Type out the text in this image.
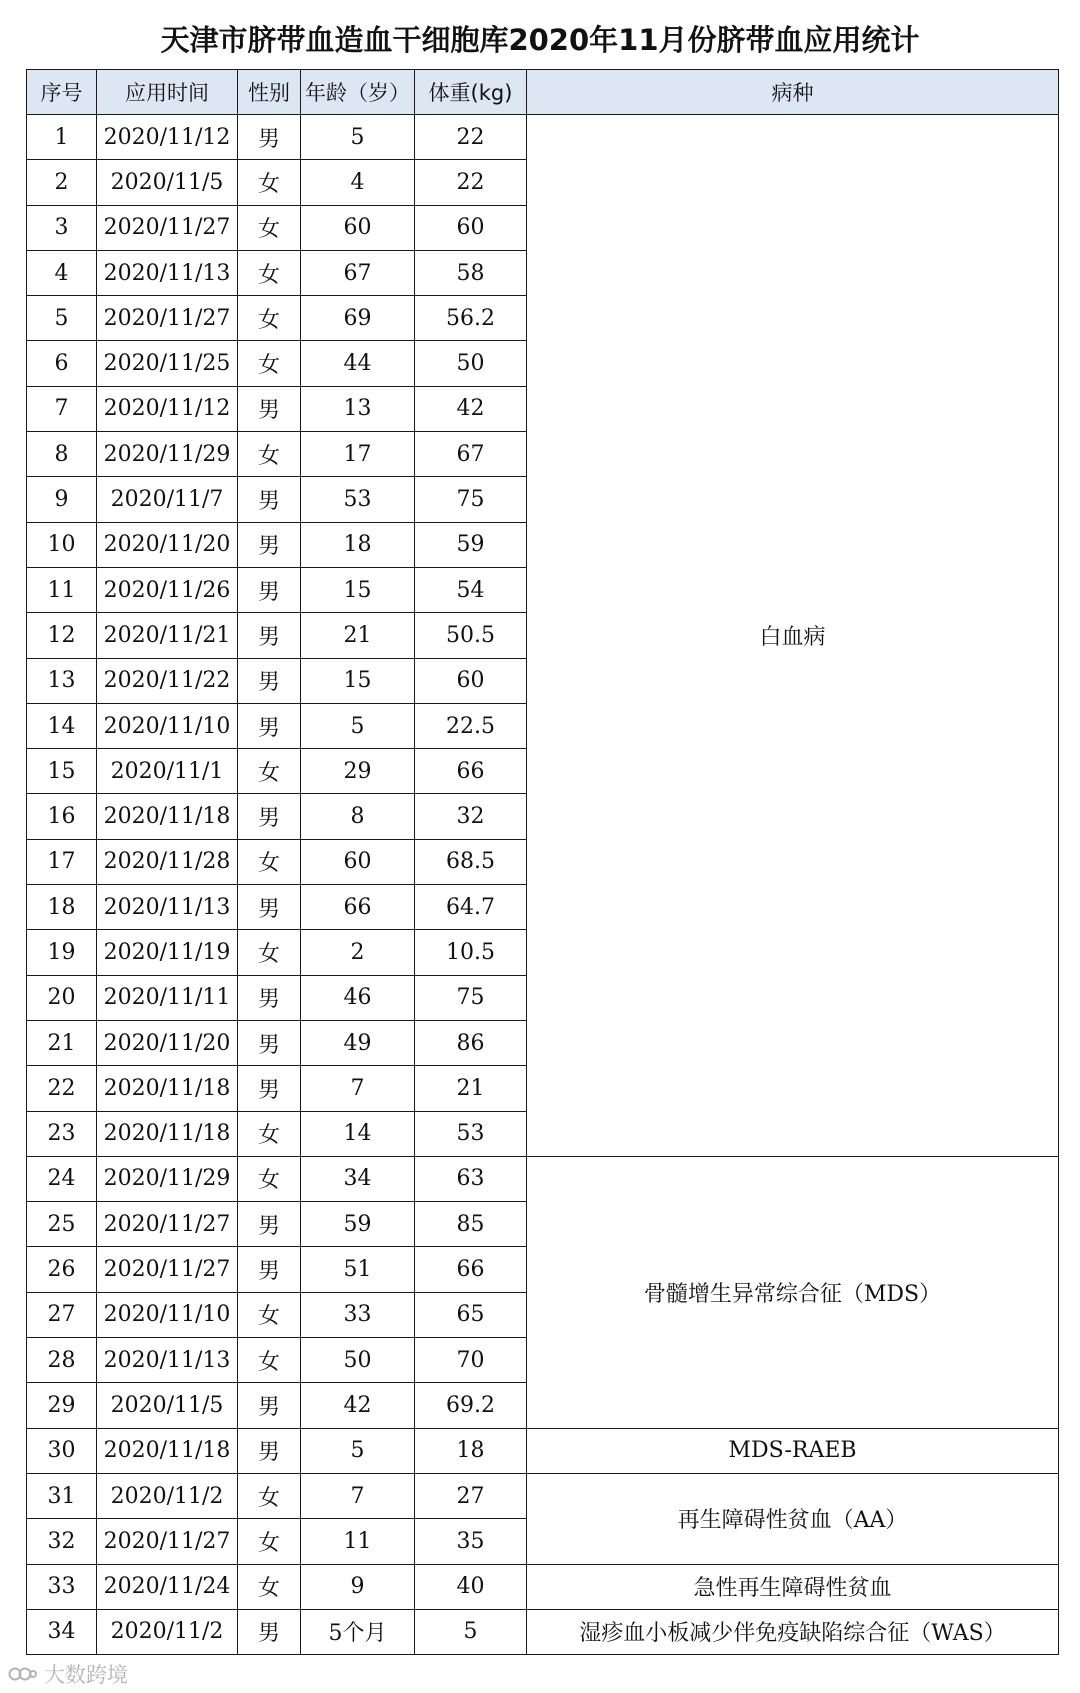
天津市脐带血造血干细胞库2020年11月份脐带血应用统计
序号	应用时间	性别	年龄（岁）	体重(kg)	病种
1	2020/11/12	男	5	22	白血病
2	2020/11/5	女	4	22	
3	2020/11/27	女	60	60	
4	2020/11/13	女	67	58	
5	2020/11/27	女	69	56.2	
6	2020/11/25	女	44	50	
7	2020/11/12	男	13	42	
8	2020/11/29	女	17	67	
9	2020/11/7	男	53	75	
10	2020/11/20	男	18	59	
11	2020/11/26	男	15	54	
12	2020/11/21	男	21	50.5	
13	2020/11/22	男	15	60	
14	2020/11/10	男	5	22.5	
15	2020/11/1	女	29	66	
16	2020/11/18	男	8	32	
17	2020/11/28	女	60	68.5	
18	2020/11/13	男	66	64.7	
19	2020/11/19	女	2	10.5	
20	2020/11/11	男	46	75	
21	2020/11/20	男	49	86	
22	2020/11/18	男	7	21	
23	2020/11/18	女	14	53	
24	2020/11/29	女	34	63	骨髓增生异常综合征（MDS）
25	2020/11/27	男	59	85	
26	2020/11/27	男	51	66	
27	2020/11/10	女	33	65	
28	2020/11/13	女	50	70	
29	2020/11/5	男	42	69.2	
30	2020/11/18	男	5	18	MDS-RAEB
31	2020/11/2	女	7	27	再生障碍性贫血（AA）
32	2020/11/27	女	11	35	
33	2020/11/24	女	9	40	急性再生障碍性贫血
34	2020/11/2	男	5个月	5	湿疹血小板减少伴免疫缺陷综合征（WAS）
大数跨境
